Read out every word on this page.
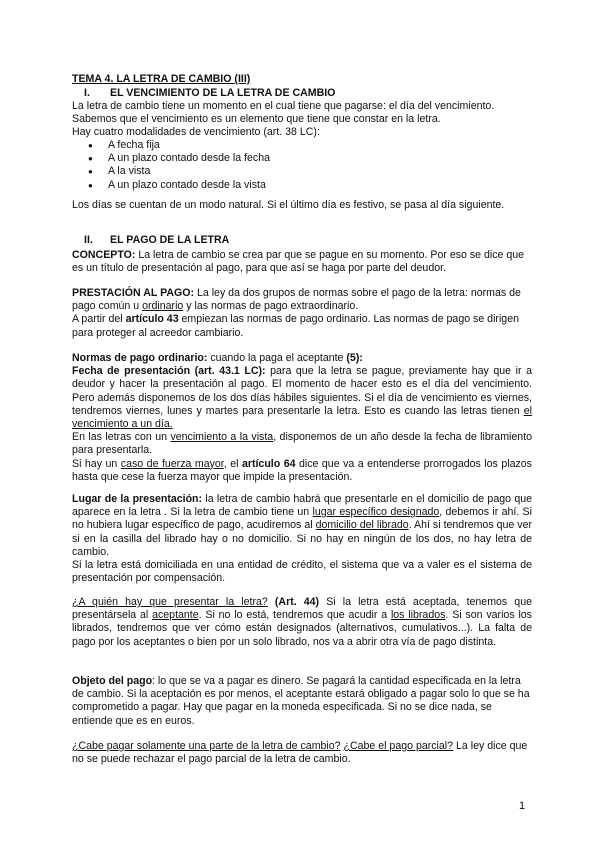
TEMA 4. LA LETRA DE CAMBIO (III)
I. EL VENCIMIENTO DE LA LETRA DE CAMBIO

La letra de cambio tiene un momento en el cual tiene que pagarse: el día del vencimiento. Sabemos que el vencimiento es un elemento que tiene que constar en la letra.

Hay cuatro modalidades de vencimiento (art. 38 LC):

● A fecha fija
● A un plazo contado desde la fecha
● A la vista
● A un plazo contado desde la vista
Los días se cuentan de un modo natural. Si el último día es festivo, se pasa al día siguiente.
II. EL PAGO DE LA LETRA
CONCEPTO: La letra de cambio se crea par que se pague en su momento. Por eso se dice que es un título de presentación al pago, para que así se haga por parte del deudor.

PRESTACIÓN AL PAGO: La ley da dos grupos de normas sobre el pago de la letra: normas de pago común u ordinario y las normas de pago extraordinario.

A partir del artículo 43 empiezan las normas de pago ordinario. Las normas de pago se dirigen para proteger al acreedor cambiario.

Normas de pago ordinario: cuando la paga el aceptante (5):

Fecha de presentación (art. 43.1 LC): para que la letra se pague, previamente hay que ir a deudor y hacer la presentación al pago. El momento de hacer esto es el día del vencimiento. Pero además disponemos de los dos días hábiles siguientes. Si el día de vencimiento es viernes, tendremos viernes, lunes y martes para presentarle la letra. Esto es cuando las letras tienen el vencimiento a un día.

En las letras con un vencimiento a la vista, disponemos de un año desde la fecha de libramiento para presentarla.

Si hay un caso de fuerza mayor, el artículo 64 dice que va a entenderse prorrogados los plazos hasta que cese la fuerza mayor que impide la presentación.

Lugar de la presentación: la letra de cambio habrá que presentarle en el domicilio de pago que aparece en la letra . Si la letra de cambio tiene un lugar específico designado, debemos ir ahí. Si no hubiera lugar específico de pago, acudiremos al domicilio del librado. Ahí si tendremos que ver si en la casilla del librado hay o no domicilio. Si no hay en ningún de los dos, no hay letra de cambio.

Si la letra está domiciliada en una entidad de crédito, el sistema que va a valer es el sistema de presentación por compensación.

¿A quién hay que presentar la letra? (Art. 44) Si la letra está aceptada, tenemos que presentársela al aceptante. Si no lo está, tendremos que acudir a los librados. Si son varios los librados, tendremos que ver cómo están designados (alternativos, cumulativos...). La falta de pago por los aceptantes o bien por un solo librado, nos va a abrir otra vía de pago distinta.
Objeto del pago: lo que se va a pagar es dinero. Se pagará la cantidad especificada en la letra de cambio. Si la aceptación es por menos, el aceptante estará obligado a pagar solo lo que se ha comprometido a pagar. Hay que pagar en la moneda especificada. Si no se dice nada, se entiende que es en euros.
¿Cabe pagar solamente una parte de la letra de cambio? ¿Cabe el pago parcial? La ley dice que no se puede rechazar el pago parcial de la letra de cambio.
1
